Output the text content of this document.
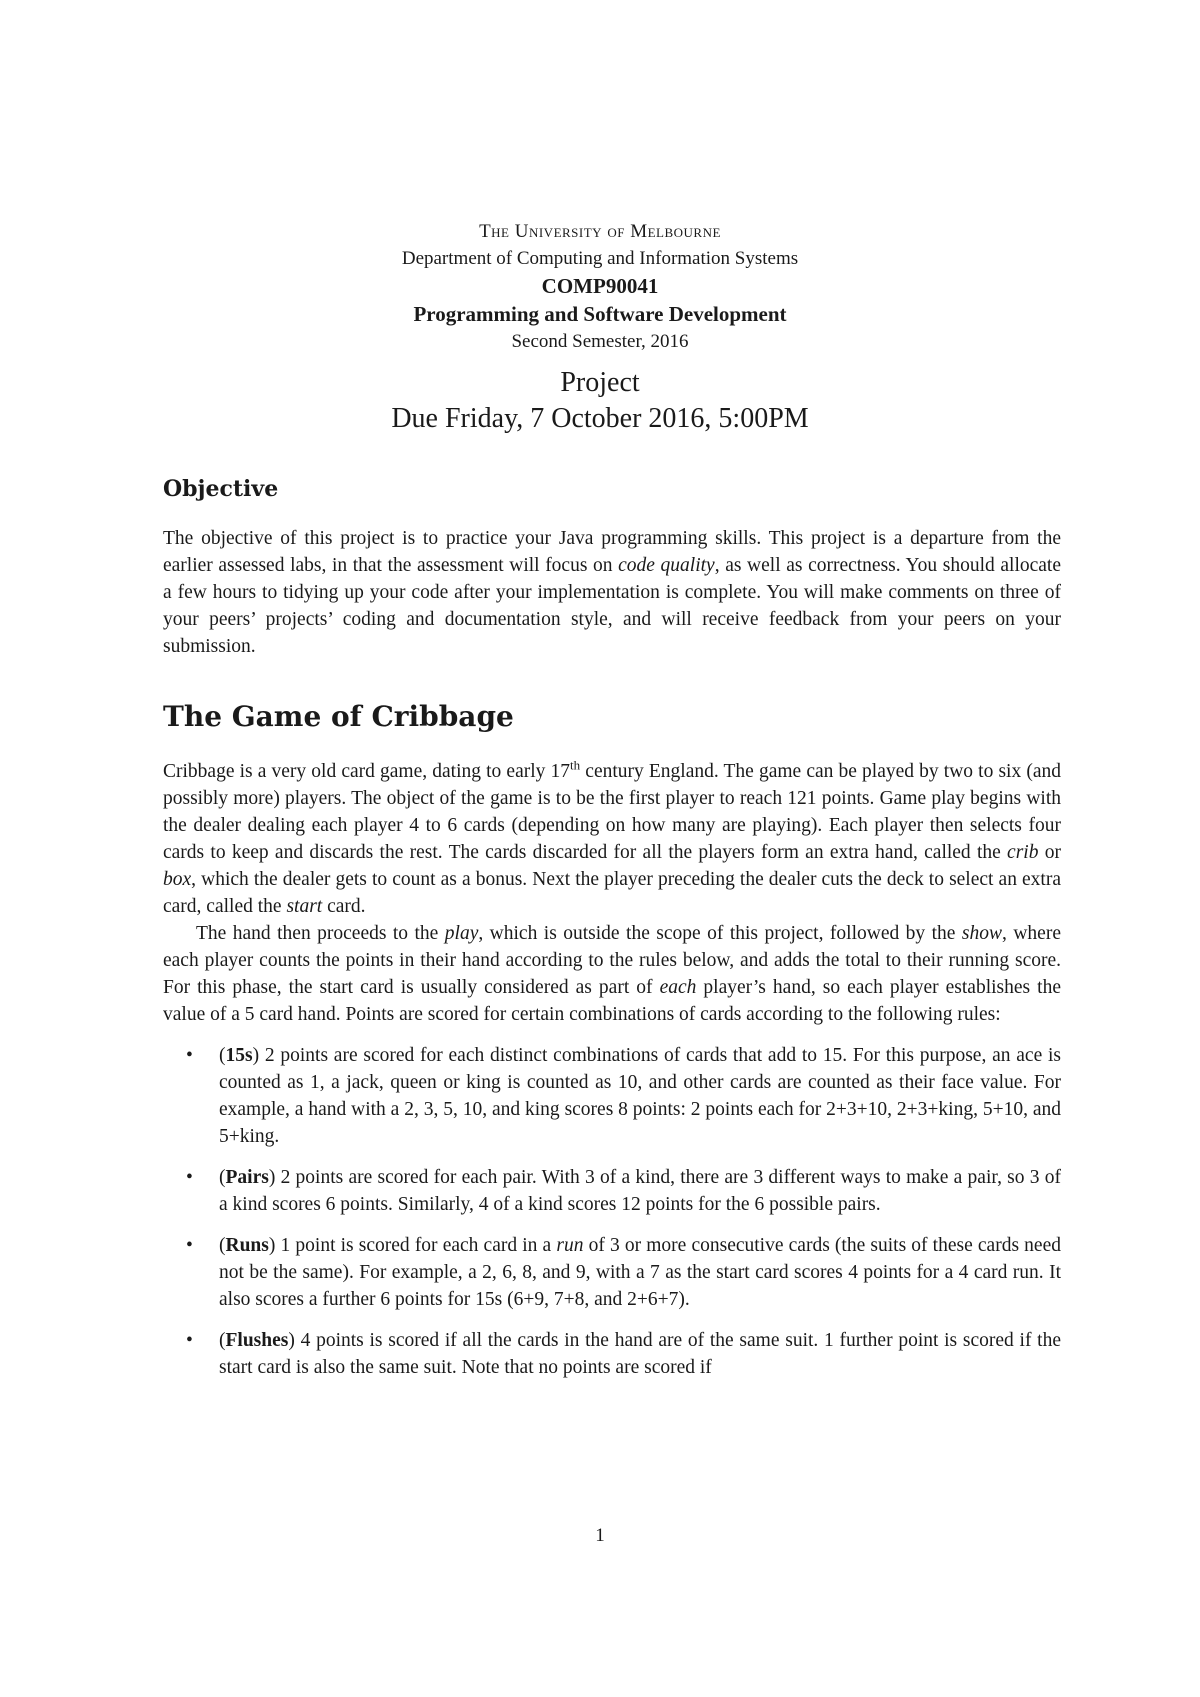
The University of Melbourne
Department of Computing and Information Systems
COMP90041
Programming and Software Development
Second Semester, 2016
Project
Due Friday, 7 October 2016, 5:00PM
Objective

The objective of this project is to practice your Java programming skills. This project is a departure from the earlier assessed labs, in that the assessment will focus on code quality, as well as correctness. You should allocate a few hours to tidying up your code after your implementation is complete. You will make comments on three of your peers’ projects’ coding and documentation style, and will receive feedback from your peers on your submission.

The Game of Cribbage

Cribbage is a very old card game, dating to early 17th century England. The game can be played by two to six (and possibly more) players. The object of the game is to be the first player to reach 121 points. Game play begins with the dealer dealing each player 4 to 6 cards (depending on how many are playing). Each player then selects four cards to keep and discards the rest. The cards discarded for all the players form an extra hand, called the crib or box, which the dealer gets to count as a bonus. Next the player preceding the dealer cuts the deck to select an extra card, called the start card.

The hand then proceeds to the play, which is outside the scope of this project, followed by the show, where each player counts the points in their hand according to the rules below, and adds the total to their running score. For this phase, the start card is usually considered as part of each player’s hand, so each player establishes the value of a 5 card hand. Points are scored for certain combinations of cards according to the following rules:

• (15s) 2 points are scored for each distinct combinations of cards that add to 15. For this purpose, an ace is counted as 1, a jack, queen or king is counted as 10, and other cards are counted as their face value. For example, a hand with a 2, 3, 5, 10, and king scores 8 points: 2 points each for 2+3+10, 2+3+king, 5+10, and 5+king.
• (Pairs) 2 points are scored for each pair. With 3 of a kind, there are 3 different ways to make a pair, so 3 of a kind scores 6 points. Similarly, 4 of a kind scores 12 points for the 6 possible pairs.
• (Runs) 1 point is scored for each card in a run of 3 or more consecutive cards (the suits of these cards need not be the same). For example, a 2, 6, 8, and 9, with a 7 as the start card scores 4 points for a 4 card run. It also scores a further 6 points for 15s (6+9, 7+8, and 2+6+7).
• (Flushes) 4 points is scored if all the cards in the hand are of the same suit. 1 further point is scored if the start card is also the same suit. Note that no points are scored if
1
